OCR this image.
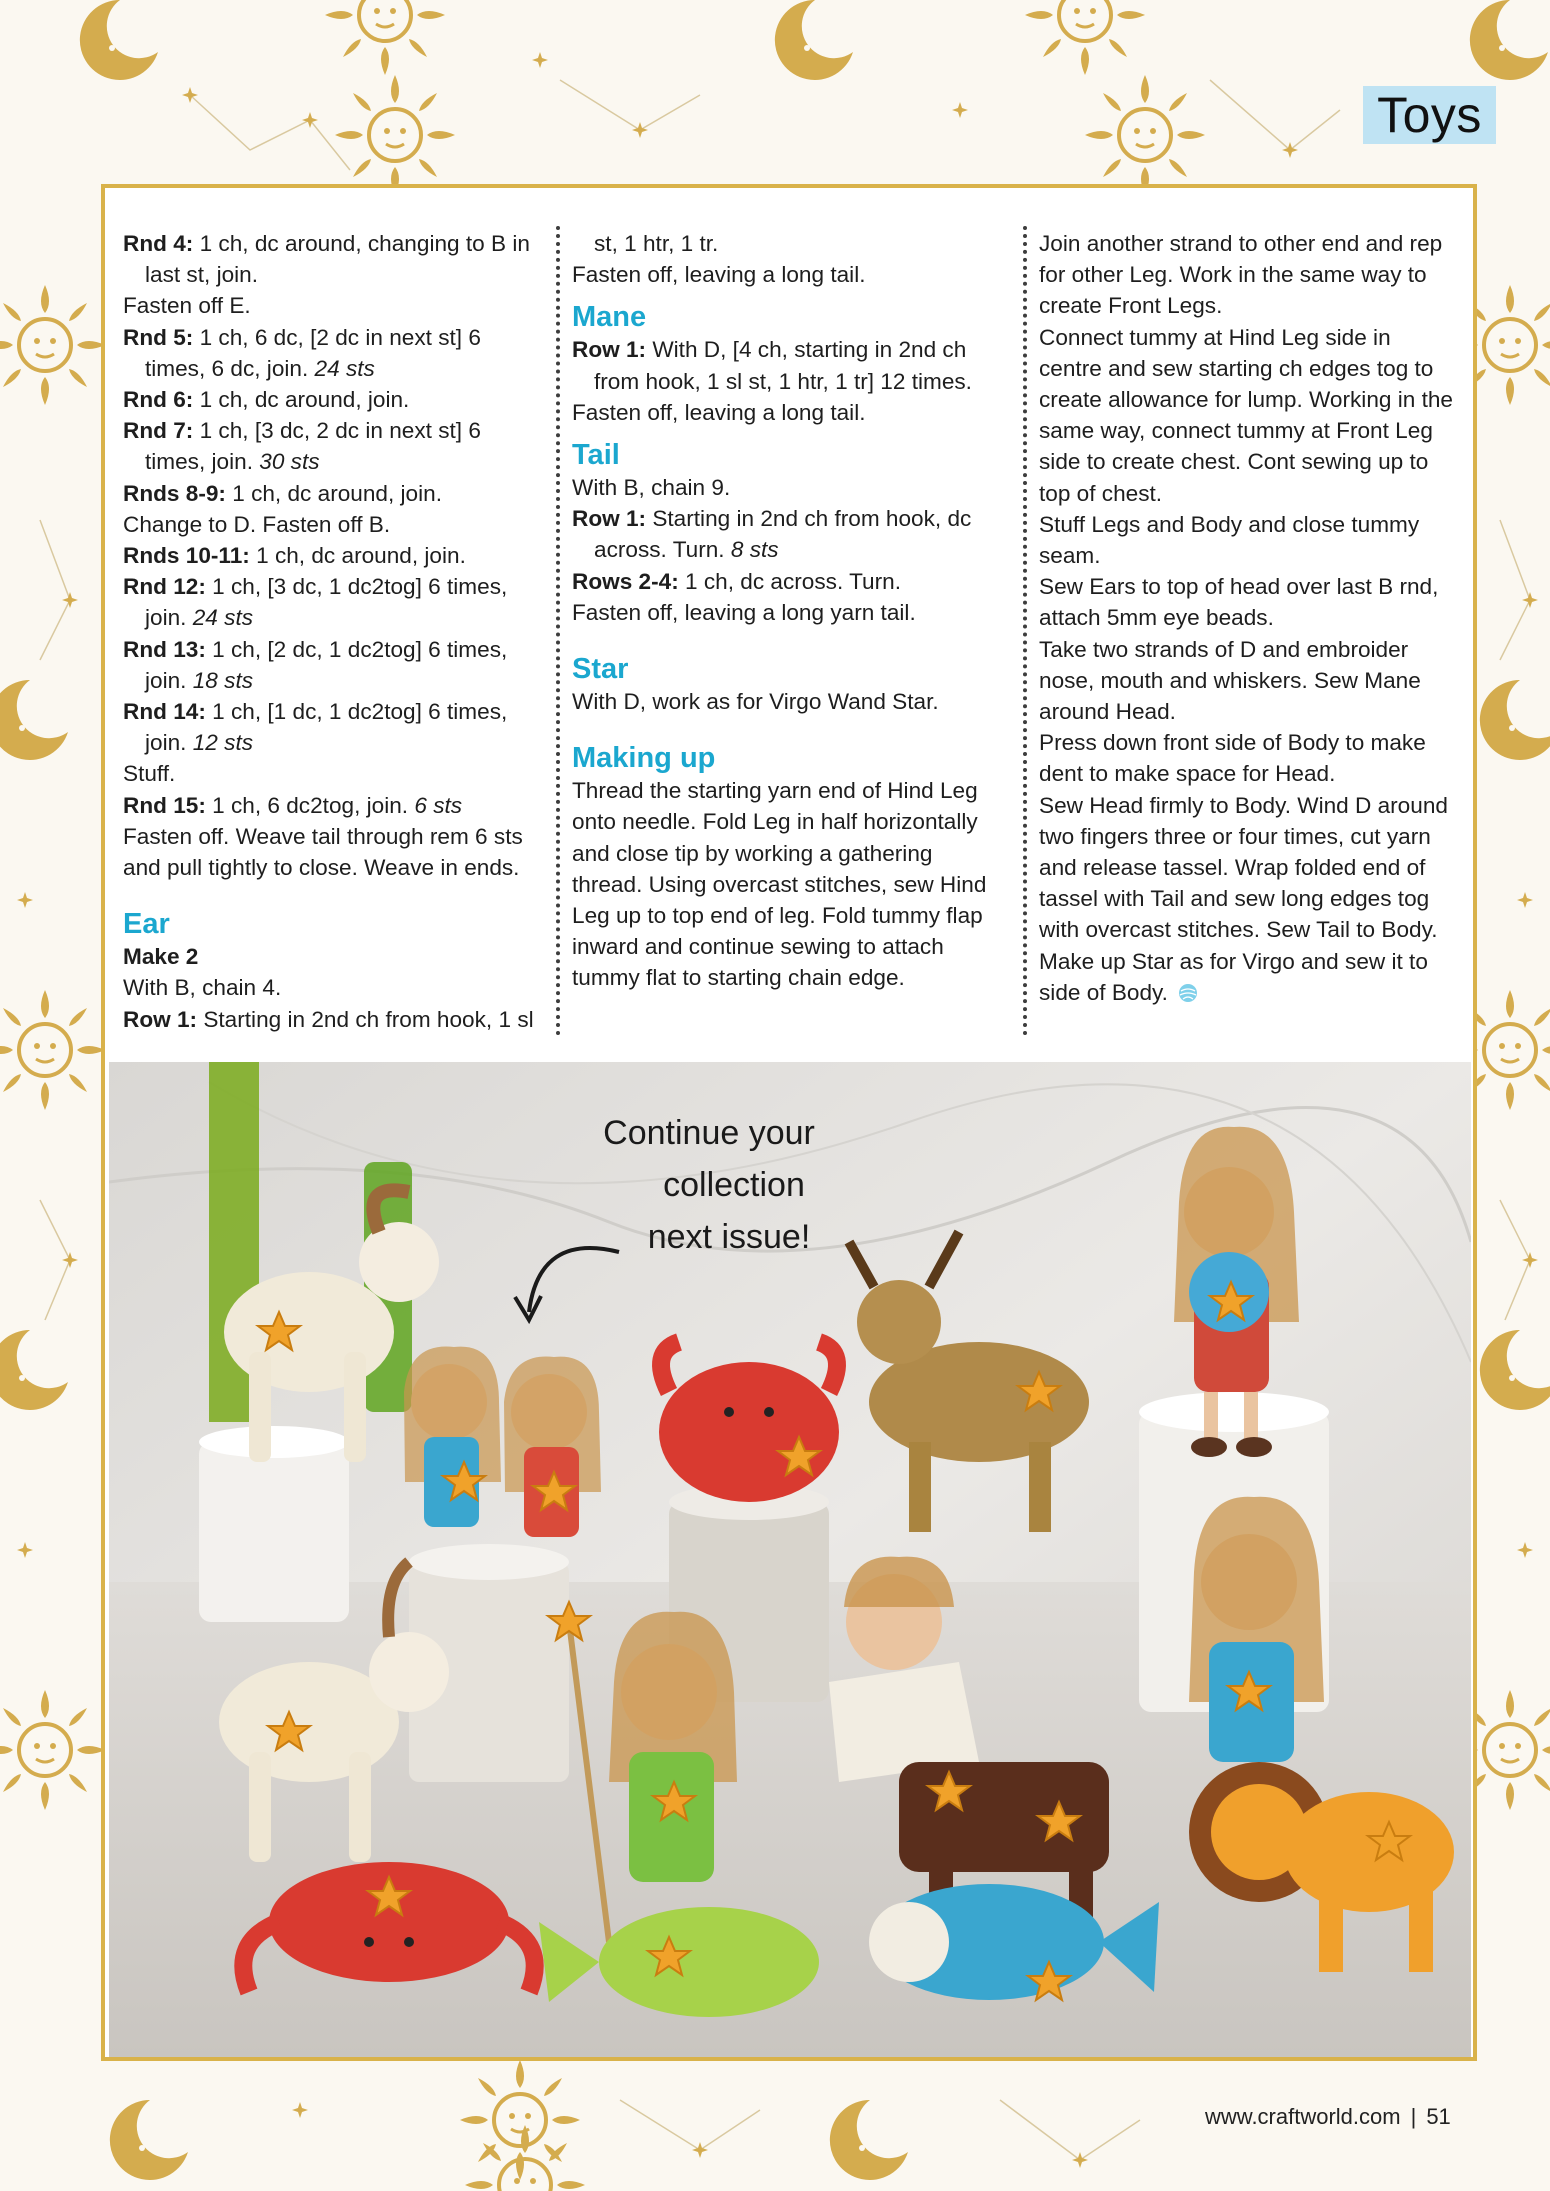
Toys
Rnd 4: 1 ch, dc around, changing to B in last st, join.
Fasten off E.
Rnd 5: 1 ch, 6 dc, [2 dc in next st] 6 times, 6 dc, join. 24 sts
Rnd 6: 1 ch, dc around, join.
Rnd 7: 1 ch, [3 dc, 2 dc in next st] 6 times, join. 30 sts
Rnds 8-9: 1 ch, dc around, join.
Change to D. Fasten off B.
Rnds 10-11: 1 ch, dc around, join.
Rnd 12: 1 ch, [3 dc, 1 dc2tog] 6 times, join. 24 sts
Rnd 13: 1 ch, [2 dc, 1 dc2tog] 6 times, join. 18 sts
Rnd 14: 1 ch, [1 dc, 1 dc2tog] 6 times, join. 12 sts
Stuff.
Rnd 15: 1 ch, 6 dc2tog, join. 6 sts
Fasten off. Weave tail through rem 6 sts and pull tightly to close. Weave in ends.
Ear
Make 2
With B, chain 4.
Row 1: Starting in 2nd ch from hook, 1 sl
st, 1 htr, 1 tr.
Fasten off, leaving a long tail.
Mane
Row 1: With D, [4 ch, starting in 2nd ch from hook, 1 sl st, 1 htr, 1 tr] 12 times.
Fasten off, leaving a long tail.
Tail
With B, chain 9.
Row 1: Starting in 2nd ch from hook, dc across. Turn. 8 sts
Rows 2-4: 1 ch, dc across. Turn.
Fasten off, leaving a long yarn tail.
Star
With D, work as for Virgo Wand Star.
Making up
Thread the starting yarn end of Hind Leg onto needle. Fold Leg in half horizontally and close tip by working a gathering thread. Using overcast stitches, sew Hind Leg up to top end of leg. Fold tummy flap inward and continue sewing to attach tummy flat to starting chain edge.
Join another strand to other end and rep for other Leg. Work in the same way to create Front Legs.
Connect tummy at Hind Leg side in centre and sew starting ch edges tog to create allowance for lump. Working in the same way, connect tummy at Front Leg side to create chest. Cont sewing up to top of chest.
Stuff Legs and Body and close tummy seam.
Sew Ears to top of head over last B rnd, attach 5mm eye beads.
Take two strands of D and embroider nose, mouth and whiskers. Sew Mane around Head.
Press down front side of Body to make dent to make space for Head.
Sew Head firmly to Body. Wind D around two fingers three or four times, cut yarn and release tassel. Wrap folded end of tassel with Tail and sew long edges tog with overcast stitches. Sew Tail to Body.
Make up Star as for Virgo and sew it to side of Body.
Continue your
collection
next issue!
www.craftworld.com | 51
